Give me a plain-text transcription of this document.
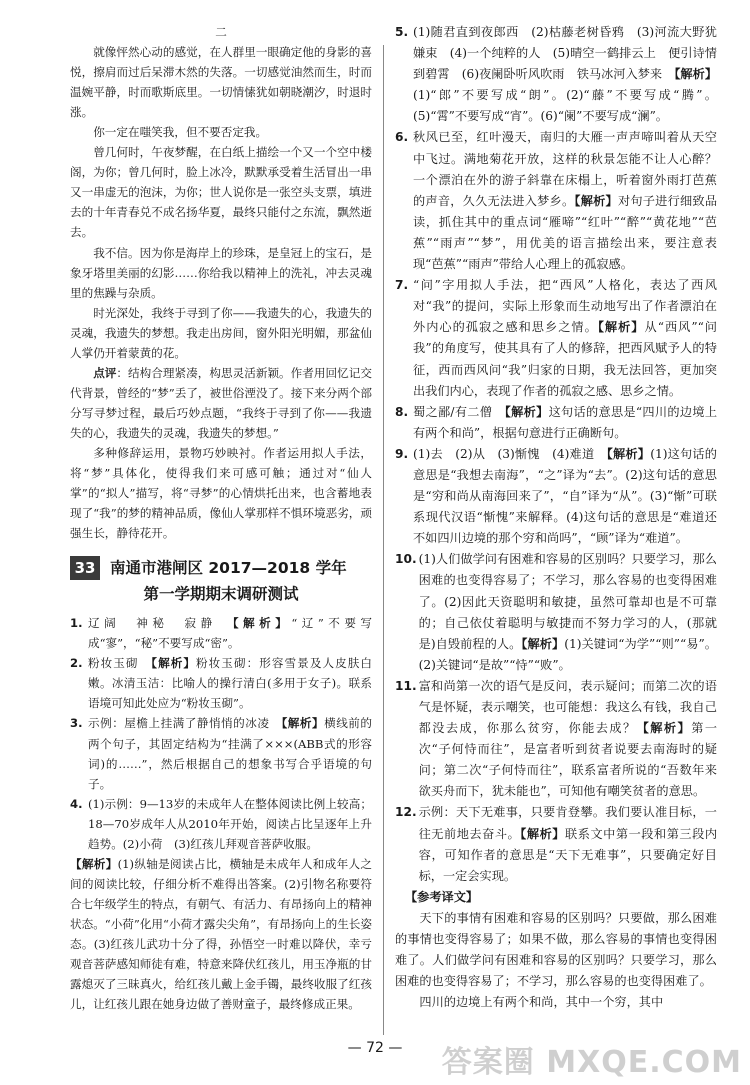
二

就像怦然心动的感觉，在人群里一眼确定他的身影的喜悦，擦肩而过后呆滞木然的失落。一切感觉油然而生，时而温婉平静，时而歌斯底里。一切情愫犹如朝晓潮汐，时退时涨。

你一定在嗤笑我，但不要否定我。

曾几何时，午夜梦醒，在白纸上描绘一个又一个空中楼阁，为你；曾几何时，脸上冰冷，默默承受着生活冒出一串又一串虚无的泡沫，为你；世人说你是一张空头支票，填进去的十年青春兑不成名扬华夏，最终只能付之东流，飘然逝去。

我不信。因为你是海岸上的珍珠，是皇冠上的宝石，是象牙塔里美丽的幻影……你给我以精神上的洗礼，冲去灵魂里的焦躁与杂质。

时光深处，我终于寻到了你——我遗失的心，我遗失的灵魂，我遗失的梦想。我走出房间，窗外阳光明媚，那盆仙人掌仍开着蒙黄的花。

点评：结构合理紧凑，构思灵活新颖。作者用回忆记交代背景，曾经的“梦”丢了，被世俗湮没了。接下来分两个部分写寻梦过程，最后巧妙点题，“我终于寻到了你——我遗失的心，我遗失的灵魂，我遗失的梦想。”

多种修辞运用，景物巧妙映衬。作者运用拟人手法，将“梦”具体化，使得我们来可感可触；通过对“仙人掌”的“拟人”描写，将“寻梦”的心情烘托出来，也含蓄地表现了“我”的梦的精神品质，像仙人掌那样不惧环境恶劣，顽强生长，静待花开。

33 南通市港闸区 2017—2018 学年
第一学期期末调研测试
1. 辽阔　神秘　寂静　【解析】“辽”不要写成“寥”，“秘”不要写成“密”。
2. 粉妆玉砌　【解析】粉妆玉砌：形容雪景及人皮肤白嫩。冰清玉洁：比喻人的操行清白(多用于女子)。联系语境可知此处应为“粉妆玉砌”。
3. 示例：屋檐上挂满了静悄悄的冰凌　【解析】横线前的两个句子，其固定结构为“挂满了×××(ABB式的形容词)的……”，然后根据自己的想象书写合乎语境的句子。
4. (1)示例：9—13岁的未成年人在整体阅读比例上较高；18—70岁成年人从2010年开始，阅读占比呈逐年上升趋势。(2)小荷　(3)红孩儿拜观音菩萨收服。

【解析】(1)纵轴是阅读占比，横轴是未成年人和成年人之间的阅读比较，仔细分析不难得出答案。(2)引物名称要符合七年级学生的特点，有朝气、有活力、有昂扬向上的精神状态。“小荷”化用“小荷才露尖尖角”，有昂扬向上的生长姿态。(3)红孩儿武功十分了得，孙悟空一时难以降伏，幸亏观音菩萨感知师徒有难，特意来降伏红孩儿，用玉净瓶的甘露熄灭了三昧真火，给红孩儿戴上金手镯，最终收服了红孩儿，让红孩儿跟在她身边做了善财童子，最终修成正果。

5. (1)随君直到夜郎西　(2)枯藤老树昏鸦　(3)河流大野犹嫌束　(4)一个纯粹的人　(5)晴空一鹤排云上　便引诗情到碧霄　(6)夜阑卧听风吹雨　铁马冰河入梦来　【解析】(1)“郎”不要写成“朗”。(2)“藤”不要写成“腾”。(5)“霄”不要写成“宵”。(6)“阑”不要写成“澜”。
6. 秋风已至，红叶漫天，南归的大雁一声声啼叫着从天空中飞过。满地菊花开放，这样的秋景怎能不让人心醉？一个漂泊在外的游子斜靠在床榻上，听着窗外雨打芭蕉的声音，久久无法进入梦乡。【解析】对句子进行细致品读，抓住其中的重点词“雁啼”“红叶”“醉”“黄花地”“芭蕉”“雨声”“梦”，用优美的语言描绘出来，要注意表现“芭蕉”“雨声”带给人心理上的孤寂感。
7. “问”字用拟人手法，把“西风”人格化，表达了西风对“我”的提问，实际上形象而生动地写出了作者漂泊在外内心的孤寂之感和思乡之情。【解析】从“西风”“问我”的角度写，使其具有了人的修辞，把西风赋予人的特征，西而西风问“我”归家的日期，我无法回答，更加突出我们内心，表现了作者的孤寂之感、思乡之情。
8. 蜀之鄙/有二僧　【解析】这句话的意思是“四川的边境上有两个和尚”，根据句意进行正确断句。
9. (1)去　(2)从　(3)惭愧　(4)难道　【解析】(1)这句话的意思是“我想去南海”，“之”译为“去”。(2)这句话的意思是“穷和尚从南海回来了”，“自”译为“从”。(3)“惭”可联系现代汉语“惭愧”来解释。(4)这句话的意思是“难道还不如四川边境的那个穷和尚吗”，“顾”译为“难道”。
10. (1)人们做学问有困难和容易的区别吗？只要学习，那么困难的也变得容易了；不学习，那么容易的也变得困难了。(2)因此天资聪明和敏捷，虽然可靠却也是不可靠的；自己依仗着聪明与敏捷而不努力学习的人，(那就是)自毁前程的人。【解析】(1)关键词“为学”“则”“易”。(2)关键词“是故”“恃”“败”。
11. 富和尚第一次的语气是反问，表示疑问；而第二次的语气是怀疑，表示嘲笑，也可能想：我这么有钱，我自己都没去成，你那么贫穷，你能去成？【解析】第一次“子何恃而往”，是富者听到贫者说要去南海时的疑问；第二次“子何恃而往”，联系富者所说的“吾数年来欲买舟而下，犹未能也”，可知他有嘲笑贫者的意思。
12. 示例：天下无难事，只要肯登攀。我们要认准目标，一往无前地去奋斗。【解析】联系文中第一段和第三段内容，可知作者的意思是“天下无难事”，只要确定好目标，一定会实现。

【参考译文】

天下的事情有困难和容易的区别吗？只要做，那么困难的事情也变得容易了；如果不做，那么容易的事情也变得困难了。人们做学问有困难和容易的区别吗？只要学习，那么困难的也变得容易了；不学习，那么容易的也变得困难了。

四川的边境上有两个和尚，其中一个穷，其中

— 72 —	答案圈 MXQE.COM
